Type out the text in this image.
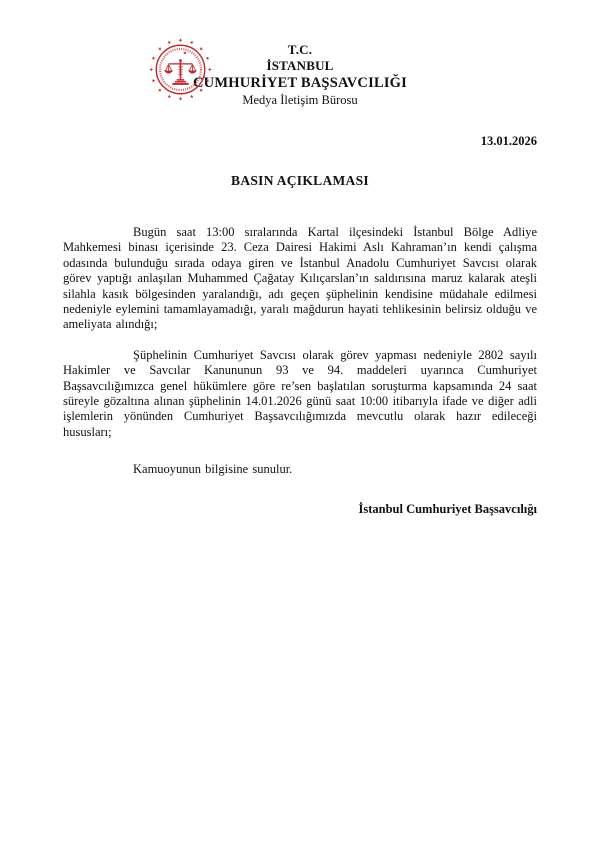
T.C.
İSTANBUL
CUMHURİYET BAŞSAVCILIĞI
Medya İletişim Bürosu
13.01.2026
BASIN AÇIKLAMASI

Bugün saat 13:00 sıralarında Kartal ilçesindeki İstanbul Bölge Adliye Mahkemesi binası içerisinde 23. Ceza Dairesi Hakimi Aslı Kahraman’ın kendi çalışma odasında bulunduğu sırada odaya giren ve İstanbul Anadolu Cumhuriyet Savcısı olarak görev yaptığı anlaşılan Muhammed Çağatay Kılıçarslan’ın saldırısına maruz kalarak ateşli silahla kasık bölgesinden yaralandığı, adı geçen şüphelinin kendisine müdahale edilmesi nedeniyle eylemini tamamlayamadığı, yaralı mağdurun hayati tehlikesinin belirsiz olduğu ve ameliyata alındığı;

Şüphelinin Cumhuriyet Savcısı olarak görev yapması nedeniyle 2802 sayılı Hakimler ve Savcılar Kanununun 93 ve 94. maddeleri uyarınca Cumhuriyet Başsavcılığımızca genel hükümlere göre re’sen başlatılan soruşturma kapsamında 24 saat süreyle gözaltına alınan şüphelinin 14.01.2026 günü saat 10:00 itibarıyla ifade ve diğer adli işlemlerin yönünden Cumhuriyet Başsavcılığımızda mevcutlu olarak hazır edileceği hususları;

Kamuoyunun bilgisine sunulur.

İstanbul Cumhuriyet Başsavcılığı
